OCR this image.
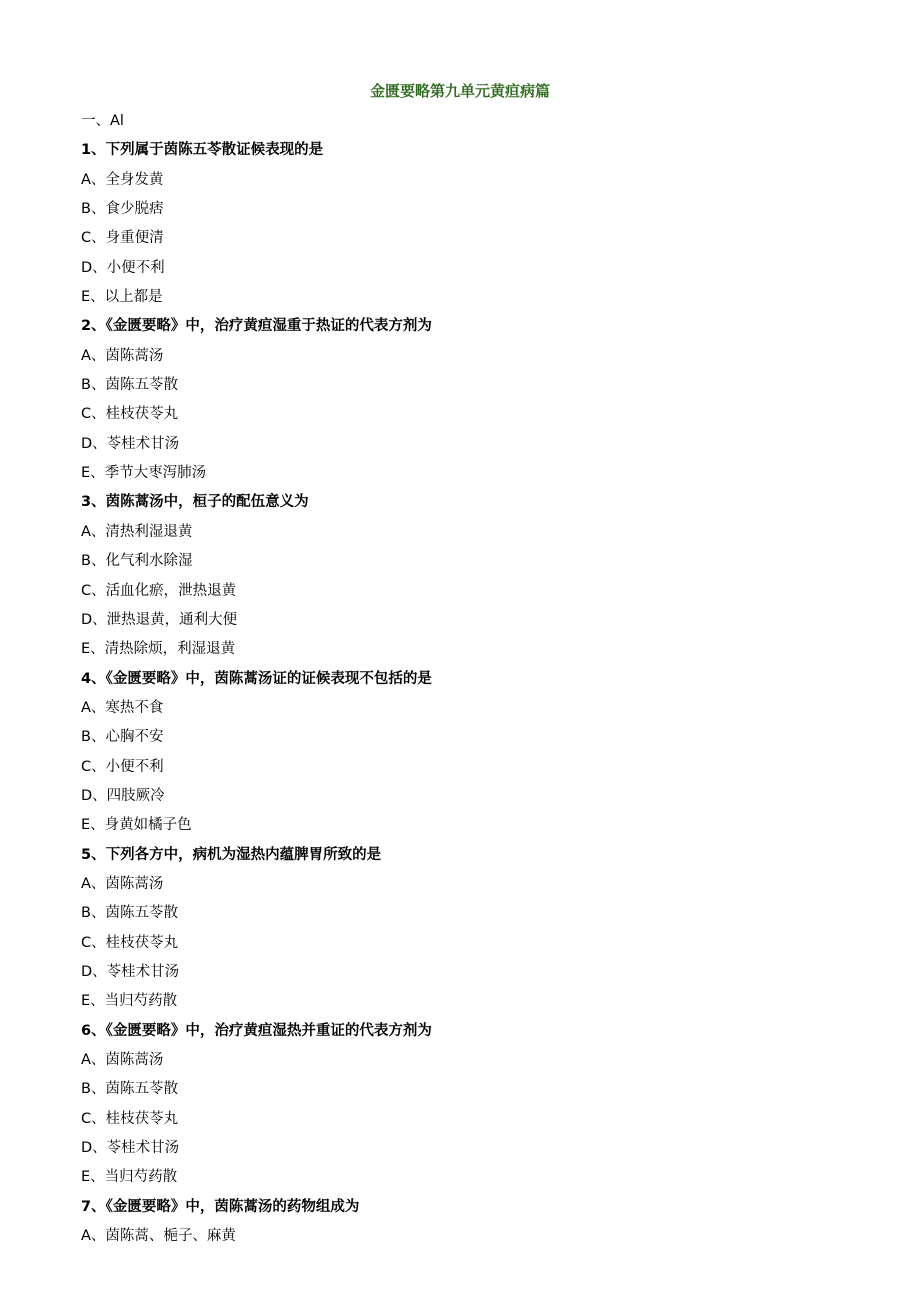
金匮要略第九单元黄疸病篇
一、Al
1、下列属于茵陈五苓散证候表现的是
A、全身发黄
B、食少脱痞
C、身重便清
D、小便不利
E、以上都是
2、《金匮要略》中，治疗黄疸湿重于热证的代表方剂为
A、茵陈蒿汤
B、茵陈五苓散
C、桂枝茯苓丸
D、苓桂术甘汤
E、季节大枣泻肺汤
3、茵陈蒿汤中，桓子的配伍意义为
A、清热利湿退黄
B、化气利水除湿
C、活血化瘀，泄热退黄
D、泄热退黄，通利大便
E、清热除烦，利湿退黄
4、《金匮要略》中，茵陈蒿汤证的证候表现不包括的是
A、寒热不食
B、心胸不安
C、小便不利
D、四肢厥冷
E、身黄如橘子色
5、下列各方中，病机为湿热内蕴脾胃所致的是
A、茵陈蒿汤
B、茵陈五苓散
C、桂枝茯苓丸
D、苓桂术甘汤
E、当归芍药散
6、《金匮要略》中，治疗黄疸湿热并重证的代表方剂为
A、茵陈蒿汤
B、茵陈五苓散
C、桂枝茯苓丸
D、苓桂术甘汤
E、当归芍药散
7、《金匮要略》中，茵陈蒿汤的药物组成为
A、茵陈蒿、梔子、麻黄
